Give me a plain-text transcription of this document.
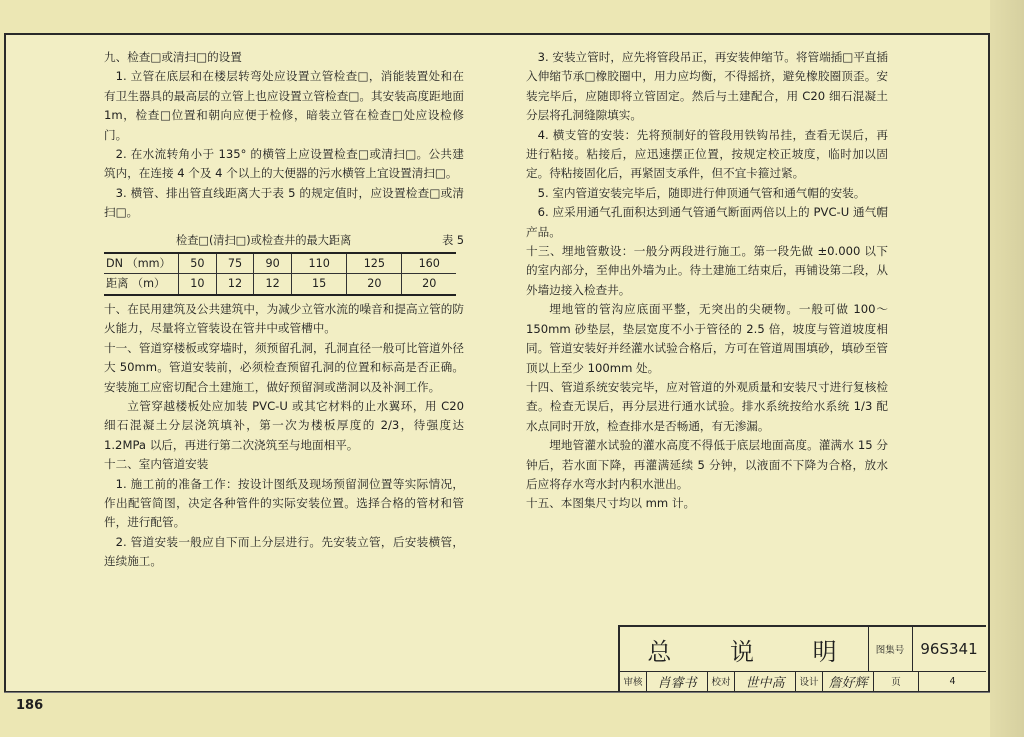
九、检查□或清扫□的设置

1. 立管在底层和在楼层转弯处应设置立管检查□，消能装置处和在有卫生器具的最高层的立管上也应设置立管检查□。其安装高度距地面 1m，检查□位置和朝向应便于检修，暗装立管在检查□处应设检修门。

2. 在水流转角小于 135° 的横管上应设置检查□或清扫□。公共建筑内，在连接 4 个及 4 个以上的大便器的污水横管上宜设置清扫□。

3. 横管、排出管直线距离大于表 5 的规定值时，应设置检查□或清扫□。

检查□(清扫□)或检查井的最大距离	表 5
DN （mm）	50	75	90	110	125	160
距离 （m）	10	12	12	15	20	20

十、在民用建筑及公共建筑中，为减少立管水流的噪音和提高立管的防火能力，尽量将立管装设在管井中或管槽中。

十一、管道穿楼板或穿墙时，须预留孔洞，孔洞直径一般可比管道外径大 50mm。管道安装前，必须检查预留孔洞的位置和标高是否正确。安装施工应密切配合土建施工，做好预留洞或凿洞以及补洞工作。

立管穿越楼板处应加装 PVC-U 或其它材料的止水翼环，用 C20 细石混凝土分层浇筑填补，第一次为楼板厚度的 2/3，待强度达 1.2MPa 以后，再进行第二次浇筑至与地面相平。

十二、室内管道安装

1. 施工前的准备工作：按设计图纸及现场预留洞位置等实际情况，作出配管简图，决定各种管件的实际安装位置。选择合格的管材和管件，进行配管。

2. 管道安装一般应自下而上分层进行。先安装立管，后安装横管，连续施工。

3. 安装立管时，应先将管段吊正，再安装伸缩节。将管端插□平直插入伸缩节承□橡胶圈中，用力应均衡，不得摇挤，避免橡胶圈顶歪。安装完毕后，应随即将立管固定。然后与土建配合，用 C20 细石混凝土分层将孔洞缝隙填实。

4. 横支管的安装：先将预制好的管段用铁钩吊挂，查看无误后，再进行粘接。粘接后，应迅速摆正位置，按规定校正坡度，临时加以固定。待粘接固化后，再紧固支承件，但不宜卡箍过紧。

5. 室内管道安装完毕后，随即进行伸顶通气管和通气帽的安装。

6. 应采用通气孔面积达到通气管通气断面两倍以上的 PVC-U 通气帽产品。

十三、埋地管敷设：一般分两段进行施工。第一段先做 ±0.000 以下的室内部分，至伸出外墙为止。待土建施工结束后，再铺设第二段，从外墙边接入检查井。

埋地管的管沟应底面平整，无突出的尖硬物。一般可做 100～150mm 砂垫层，垫层宽度不小于管径的 2.5 倍，坡度与管道坡度相同。管道安装好并经灌水试验合格后，方可在管道周围填砂，填砂至管顶以上至少 100mm 处。

十四、管道系统安装完毕，应对管道的外观质量和安装尺寸进行复核检查。检查无误后，再分层进行通水试验。排水系统按给水系统 1/3 配水点同时开放，检查排水是否畅通，有无渗漏。

埋地管灌水试验的灌水高度不得低于底层地面高度。灌满水 15 分钟后，若水面下降，再灌满延续 5 分钟，以液面不下降为合格，放水后应将存水弯水封内积水泄出。

十五、本图集尺寸均以 mm 计。

总 说 明	图集号	96S341
审核	肖睿书	校对	世中高	设计 詹好辉	页	4
186
